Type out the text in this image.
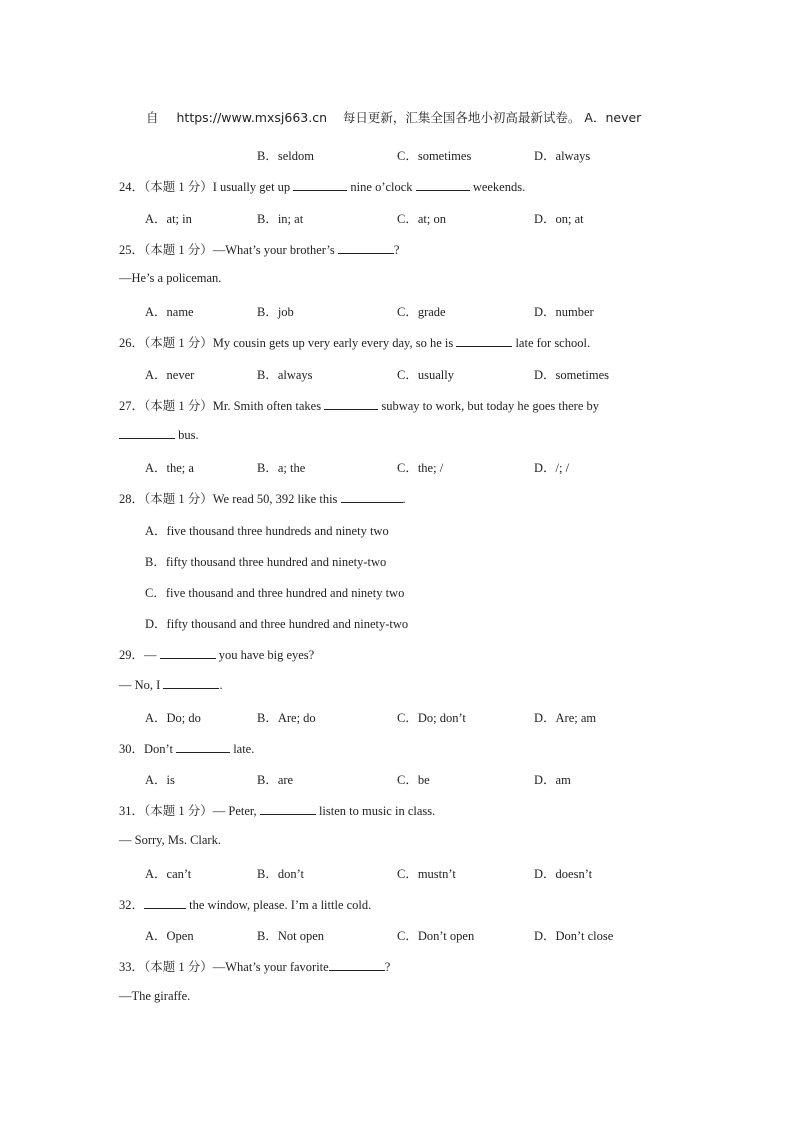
自 https://www.mxsj663.cn 每日更新，汇集全国各地小初高最新试卷。 A．never
B．seldom	C．sometimes	D．always
24．（本题 1 分）I usually get up	nine o’clock	weekends.
A．at; in	B．in; at	C．at; on	D．on; at
25．（本题 1 分）—What’s your brother’s	?
—He’s a policeman.
A．name	B．job	C．grade	D．number
26．（本题 1 分）My cousin gets up very early every day, so he is	late for school.
A．never	B．always	C．usually	D．sometimes
27．（本题 1 分）Mr. Smith often takes	subway to work, but today he goes there by
bus.
A．the; a	B．a; the	C．the; /	D．/; /
28．（本题 1 分）We read 50, 392 like this	.
A．five thousand three hundreds and ninety two
B．fifty thousand three hundred and ninety-two
C．five thousand and three hundred and ninety two
D．fifty thousand and three hundred and ninety-two
29．—	you have big eyes?
— No, I	.
A．Do; do	B．Are; do	C．Do; don’t	D．Are; am
30．Don’t	late.
A．is	B．are	C．be	D．am
31．（本题 1 分）— Peter,	listen to music in class.
— Sorry, Ms. Clark.
A．can’t	B．don’t	C．mustn’t	D．doesn’t
32．	the window, please. I’m a little cold.
A．Open	B．Not open	C．Don’t open	D．Don’t close
33．（本题 1 分）—What’s your favorite	?
—The giraffe.
